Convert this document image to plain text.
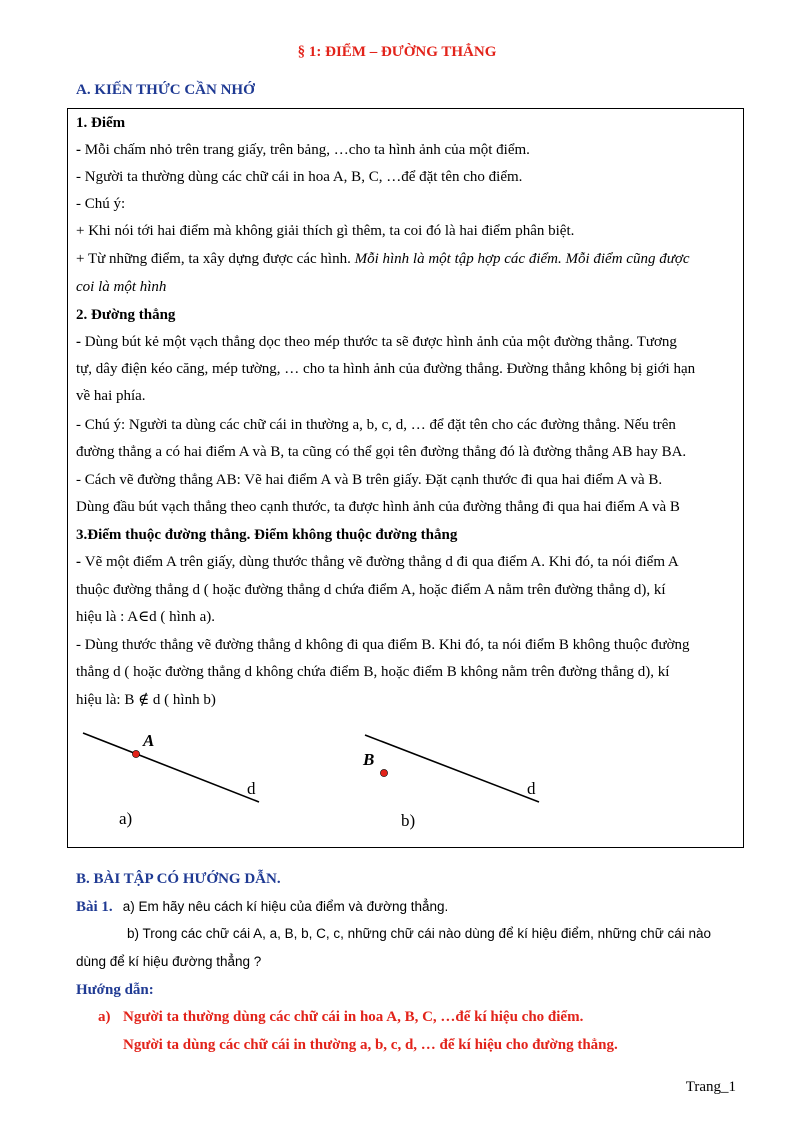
§ 1: ĐIỂM – ĐƯỜNG THẲNG
A. KIẾN THỨC CẦN NHỚ
1. Điểm
- Mỗi chấm nhỏ trên trang giấy, trên bảng, …cho ta hình ảnh của một điểm.
- Người ta thường dùng các chữ cái in hoa A, B, C, …để đặt tên cho điểm.
- Chú ý:
+ Khi nói tới hai điểm mà không giải thích gì thêm, ta coi đó là hai điểm phân biệt.
+ Từ những điểm, ta xây dựng được các hình. Mỗi hình là một tập hợp các điểm. Mỗi điểm cũng được
coi là một hình
2. Đường thẳng
- Dùng bút kẻ một vạch thẳng dọc theo mép thước ta sẽ được hình ảnh của một đường thẳng. Tương
tự, dây điện kéo căng, mép tường, … cho ta hình ảnh của đường thẳng. Đường thẳng không bị giới hạn
về hai phía.
- Chú ý: Người ta dùng các chữ cái in thường a, b, c, d, … để đặt tên cho các đường thẳng. Nếu trên
đường thẳng a có hai điểm A và B, ta cũng có thể gọi tên đường thẳng đó là đường thẳng AB hay BA.
- Cách vẽ đường thẳng AB: Vẽ hai điểm A và B trên giấy. Đặt cạnh thước đi qua hai điểm A và B.
Dùng đầu bút vạch thẳng theo cạnh thước, ta được hình ảnh của đường thẳng đi qua hai điểm A và B
3.Điểm thuộc đường thẳng. Điểm không thuộc đường thẳng
- Vẽ một điểm A trên giấy, dùng thước thẳng vẽ đường thẳng d đi qua điểm A. Khi đó, ta nói điểm A
thuộc đường thẳng d ( hoặc đường thẳng d chứa điểm A, hoặc điểm A nằm trên đường thẳng d), kí
hiệu là : A∈d ( hình a).
- Dùng thước thẳng vẽ đường thẳng d không đi qua điểm B. Khi đó, ta nói điểm B không thuộc đường
thẳng d ( hoặc đường thẳng d không chứa điểm B, hoặc điểm B không nằm trên đường thẳng d), kí
hiệu là: B ∉ d ( hình b)
A
d
a)
B
d
b)
B. BÀI TẬP CÓ HƯỚNG DẪN.
Bài 1. a) Em hãy nêu cách kí hiệu của điểm và đường thẳng.
b) Trong các chữ cái A, a, B, b, C, c, những chữ cái nào dùng để kí hiệu điểm, những chữ cái nào
dùng để kí hiệu đường thẳng ?
Hướng dẫn:
a) Người ta thường dùng các chữ cái in hoa A, B, C, …để kí hiệu cho điểm.
Người ta dùng các chữ cái in thường a, b, c, d, … để kí hiệu cho đường thẳng.
Trang_1
